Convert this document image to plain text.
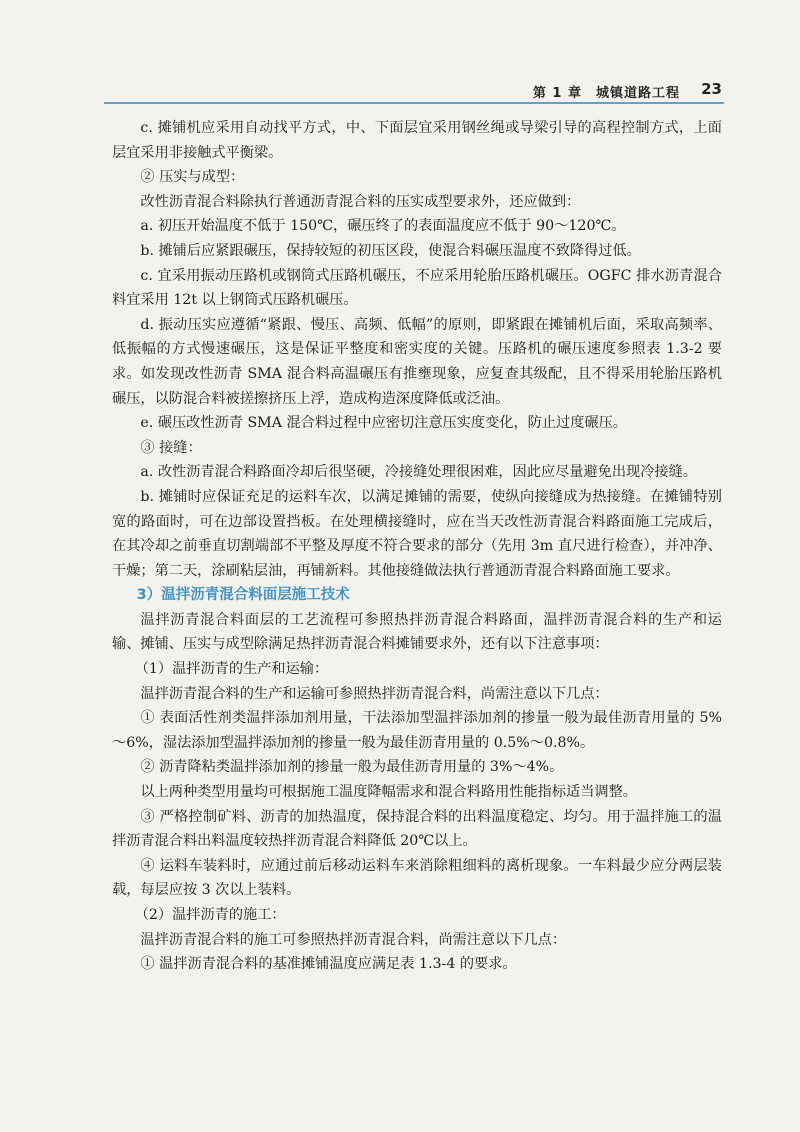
第 1 章　城镇道路工程 23

c. 摊铺机应采用自动找平方式，中、下面层宜采用钢丝绳或导梁引导的高程控制方式，上面层宜采用非接触式平衡梁。

② 压实与成型：

改性沥青混合料除执行普通沥青混合料的压实成型要求外，还应做到：

a. 初压开始温度不低于 150℃，碾压终了的表面温度应不低于 90～120℃。

b. 摊铺后应紧跟碾压，保持较短的初压区段，使混合料碾压温度不致降得过低。

c. 宜采用振动压路机或钢筒式压路机碾压，不应采用轮胎压路机碾压。OGFC 排水沥青混合料宜采用 12t 以上钢筒式压路机碾压。

d. 振动压实应遵循“紧跟、慢压、高频、低幅”的原则，即紧跟在摊铺机后面，采取高频率、低振幅的方式慢速碾压，这是保证平整度和密实度的关键。压路机的碾压速度参照表 1.3-2 要求。如发现改性沥青 SMA 混合料高温碾压有推壅现象，应复查其级配，且不得采用轮胎压路机碾压，以防混合料被搓擦挤压上浮，造成构造深度降低或泛油。

e. 碾压改性沥青 SMA 混合料过程中应密切注意压实度变化，防止过度碾压。

③ 接缝：

a. 改性沥青混合料路面冷却后很坚硬，冷接缝处理很困难，因此应尽量避免出现冷接缝。

b. 摊铺时应保证充足的运料车次，以满足摊铺的需要，使纵向接缝成为热接缝。在摊铺特别宽的路面时，可在边部设置挡板。在处理横接缝时，应在当天改性沥青混合料路面施工完成后，在其冷却之前垂直切割端部不平整及厚度不符合要求的部分（先用 3m 直尺进行检查），并冲净、干燥；第二天，涂刷粘层油，再铺新料。其他接缝做法执行普通沥青混合料路面施工要求。

3）温拌沥青混合料面层施工技术

温拌沥青混合料面层的工艺流程可参照热拌沥青混合料路面，温拌沥青混合料的生产和运输、摊铺、压实与成型除满足热拌沥青混合料摊铺要求外，还有以下注意事项：

（1）温拌沥青的生产和运输：

温拌沥青混合料的生产和运输可参照热拌沥青混合料，尚需注意以下几点：

① 表面活性剂类温拌添加剂用量，干法添加型温拌添加剂的掺量一般为最佳沥青用量的 5%～6%，湿法添加型温拌添加剂的掺量一般为最佳沥青用量的 0.5%～0.8%。

② 沥青降粘类温拌添加剂的掺量一般为最佳沥青用量的 3%～4%。

以上两种类型用量均可根据施工温度降幅需求和混合料路用性能指标适当调整。

③ 严格控制矿料、沥青的加热温度，保持混合料的出料温度稳定、均匀。用于温拌施工的温拌沥青混合料出料温度较热拌沥青混合料降低 20℃以上。

④ 运料车装料时，应通过前后移动运料车来消除粗细料的离析现象。一车料最少应分两层装载，每层应按 3 次以上装料。

（2）温拌沥青的施工：

温拌沥青混合料的施工可参照热拌沥青混合料，尚需注意以下几点：

① 温拌沥青混合料的基准摊铺温度应满足表 1.3-4 的要求。
